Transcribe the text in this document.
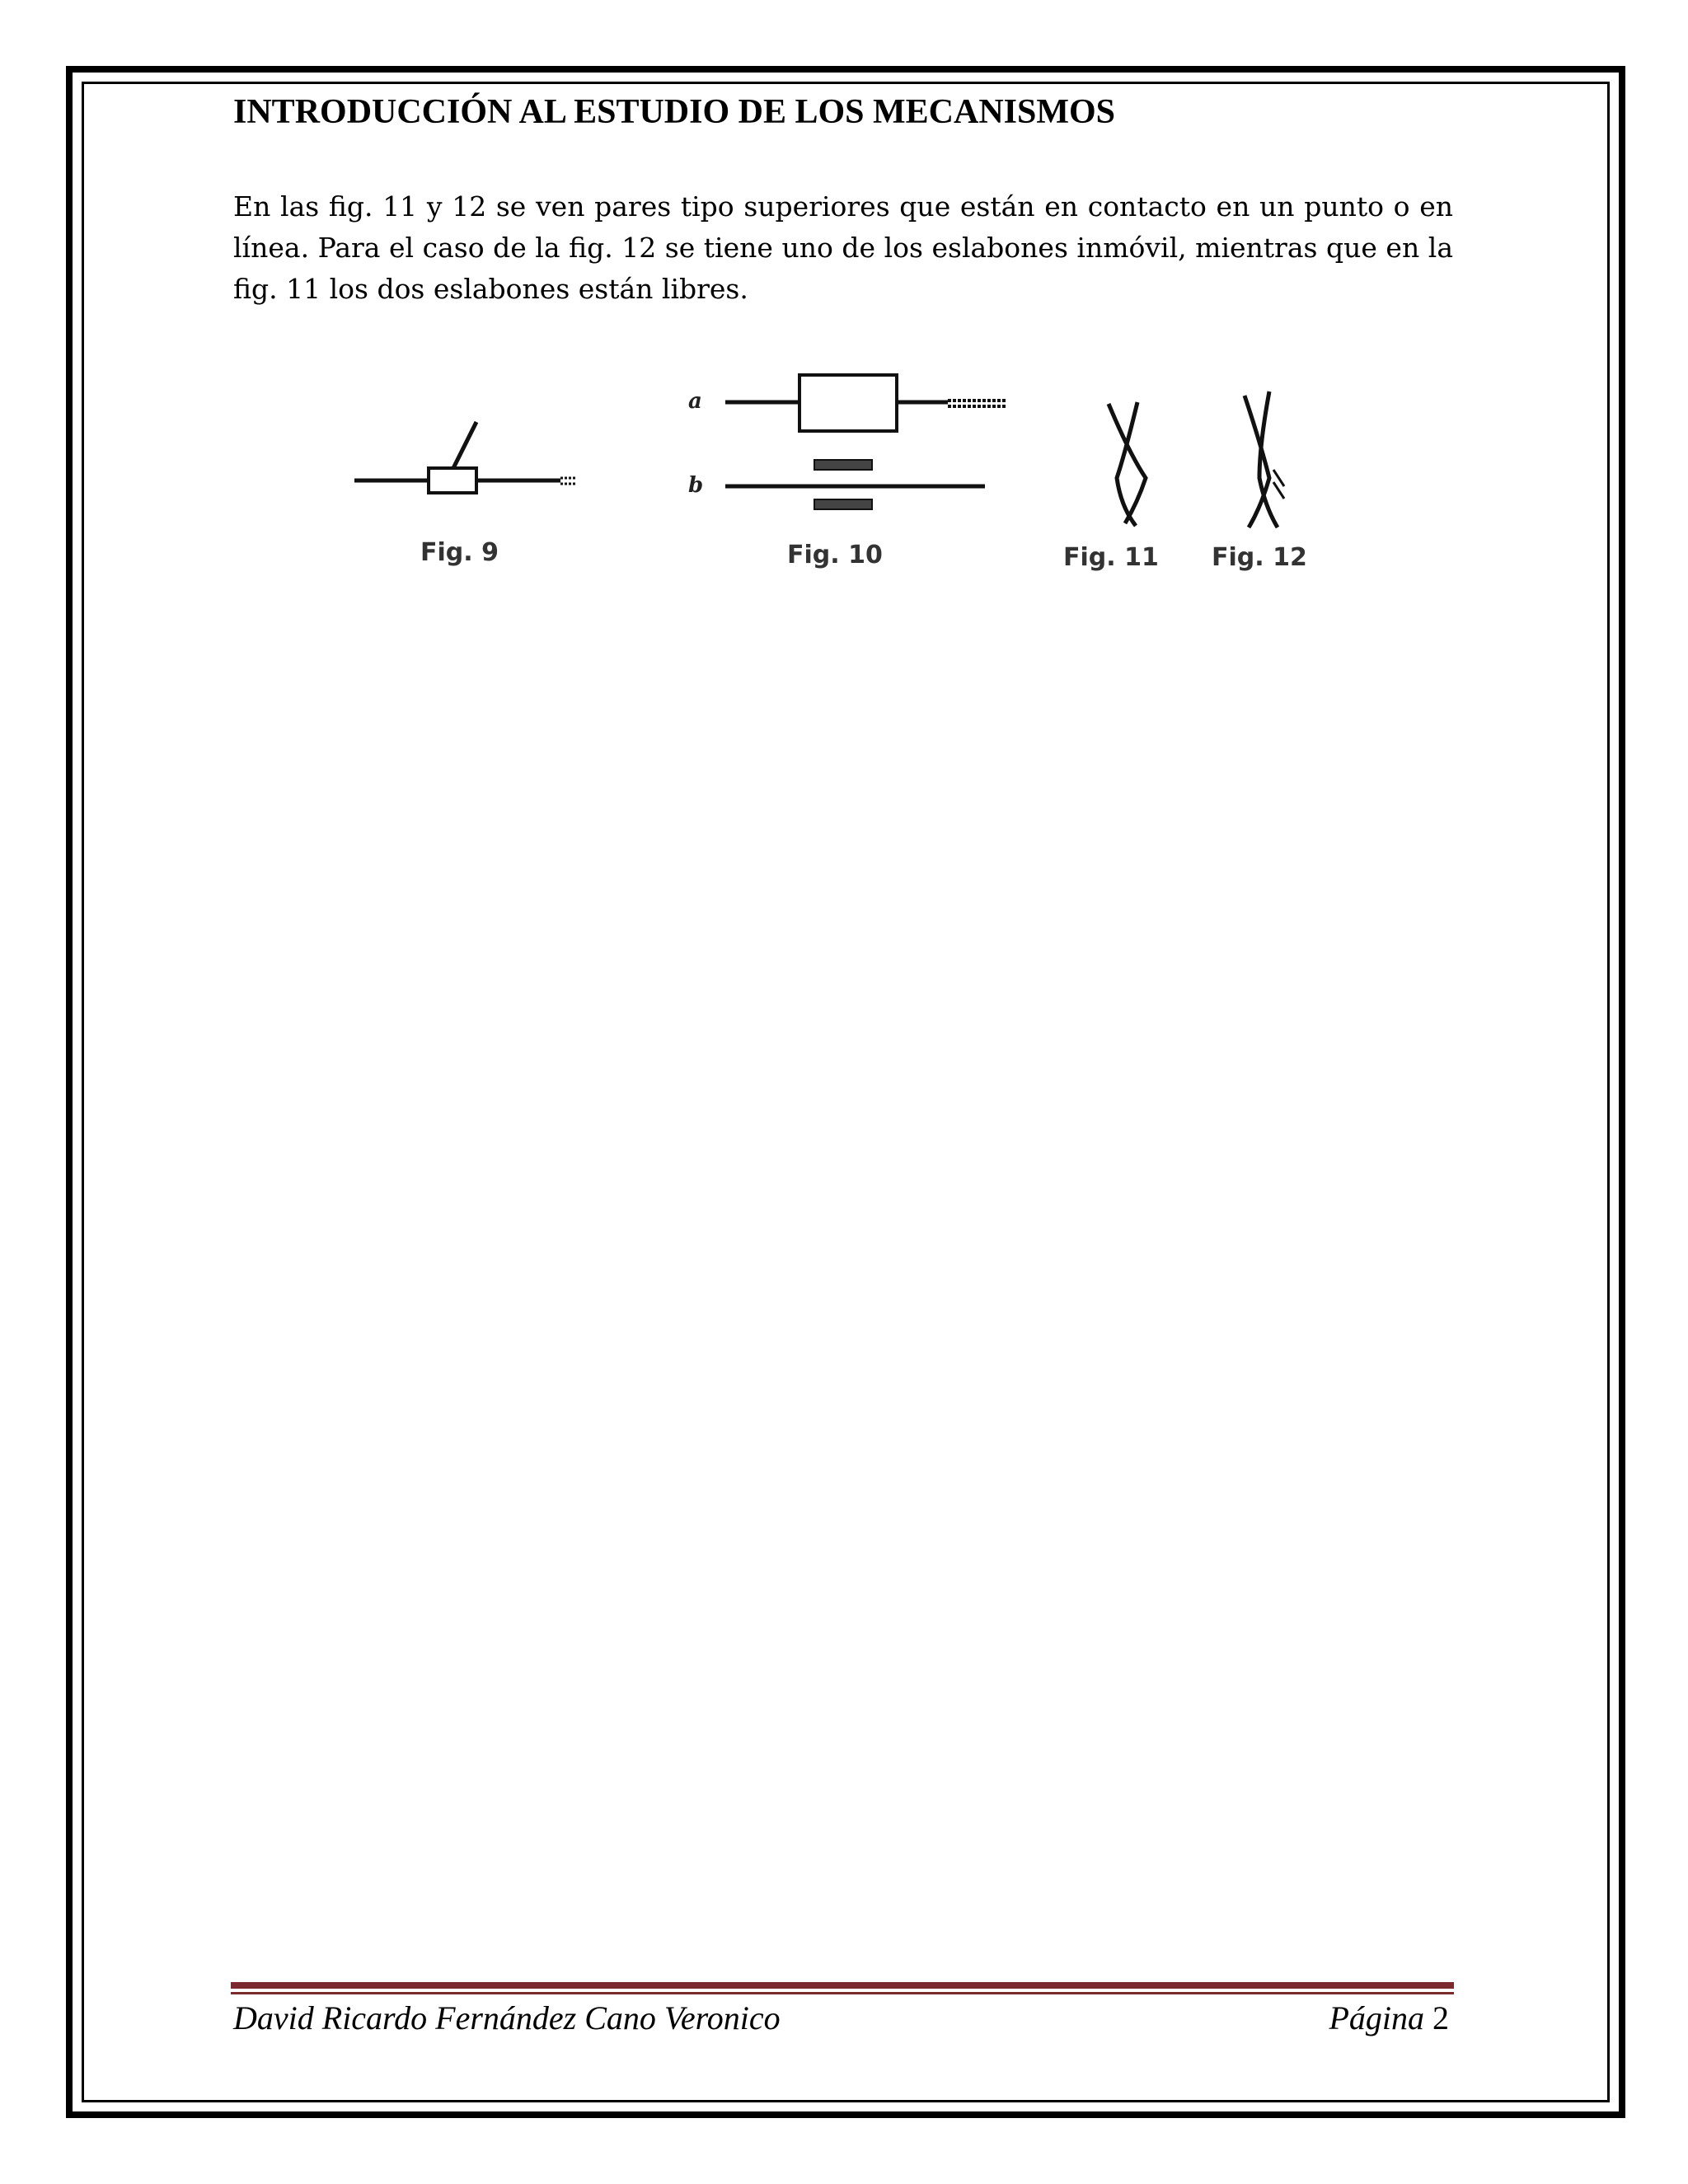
INTRODUCCIÓN AL ESTUDIO DE LOS MECANISMOS

En las fig. 11 y 12 se ven pares tipo superiores que están en contacto en un punto o en línea. Para el caso de la fig. 12 se tiene uno de los eslabones inmóvil, mientras que en la fig. 11 los dos eslabones están libres.

Fig. 9
a
b
Fig. 10	Fig. 11 Fig. 12
David Ricardo Fernández Cano Veronico	Página 2
